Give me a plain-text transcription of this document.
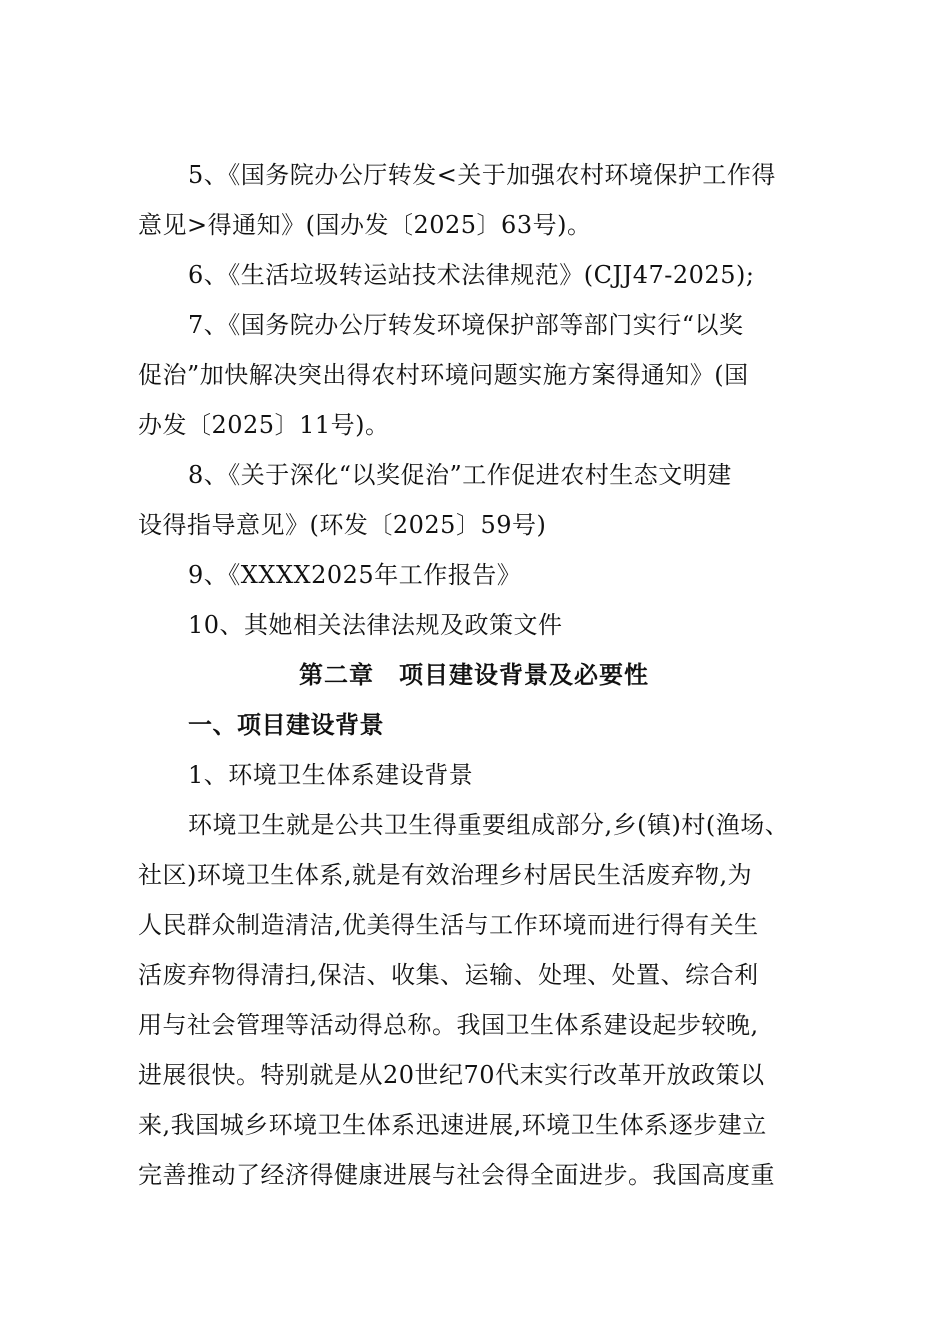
5、《国务院办公厅转发<关于加强农村环境保护工作得

意见>得通知》(国办发〔2025〕63号)。

6、《生活垃圾转运站技术法律规范》(CJJ47-2025);

7、《国务院办公厅转发环境保护部等部门实行“以奖

促治”加快解决突出得农村环境问题实施方案得通知》(国

办发〔2025〕11号)。

8、《关于深化“以奖促治”工作促进农村生态文明建

设得指导意见》(环发〔2025〕59号)

9、《XXXX2025年工作报告》

10、其她相关法律法规及政策文件

第二章　项目建设背景及必要性

一、项目建设背景

1、环境卫生体系建设背景

环境卫生就是公共卫生得重要组成部分,乡(镇)村(渔场、

社区)环境卫生体系,就是有效治理乡村居民生活废弃物,为

人民群众制造清洁,优美得生活与工作环境而进行得有关生

活废弃物得清扫,保洁、收集、运输、处理、处置、综合利

用与社会管理等活动得总称。我国卫生体系建设起步较晚,

进展很快。特别就是从20世纪70代末实行改革开放政策以

来,我国城乡环境卫生体系迅速进展,环境卫生体系逐步建立

完善推动了经济得健康进展与社会得全面进步。我国高度重
